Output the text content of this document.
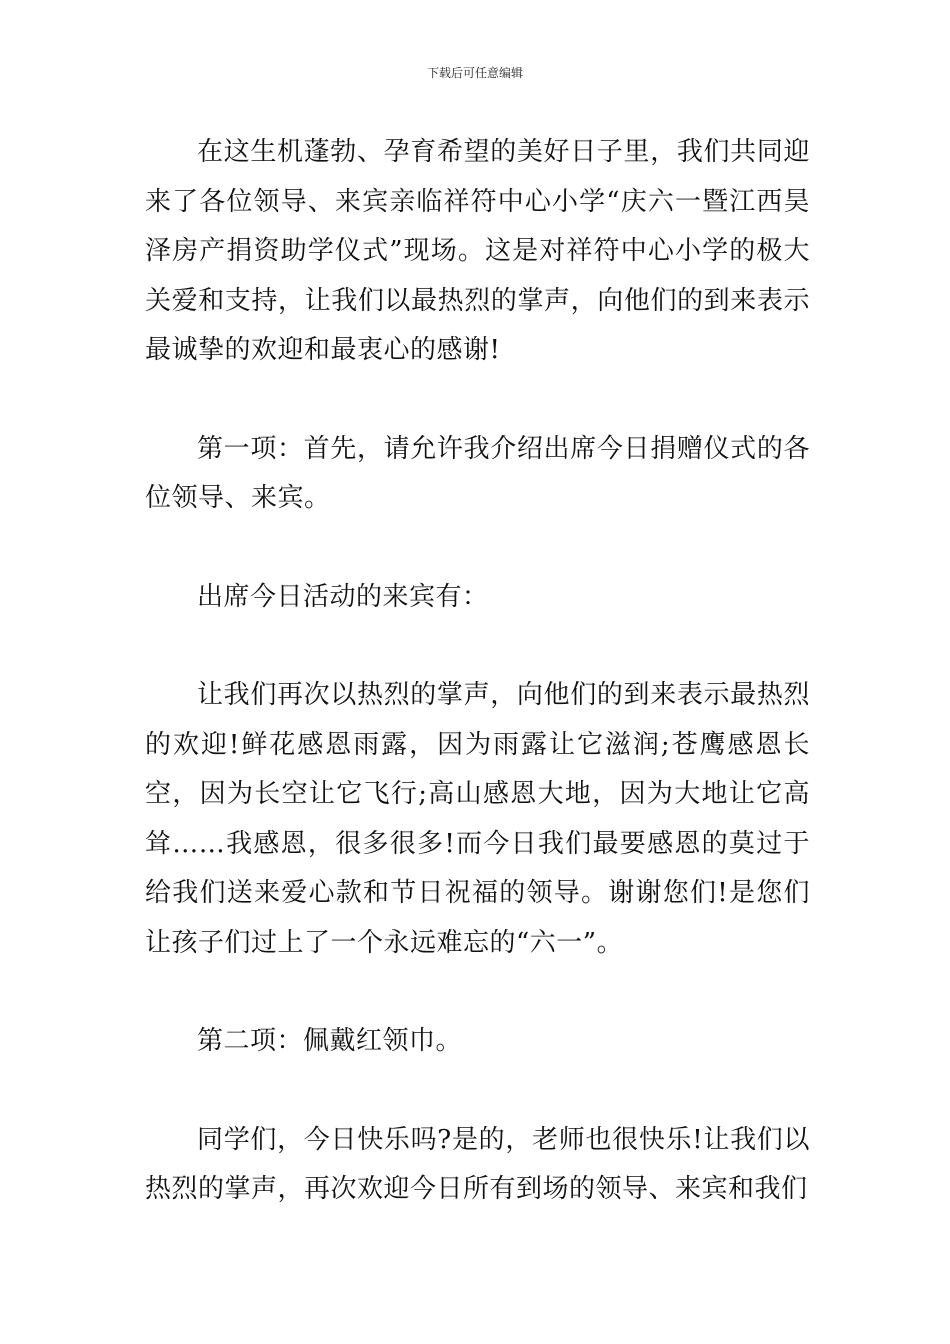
下载后可任意编辑

在这生机蓬勃、孕育希望的美好日子里，我们共同迎来了各位领导、来宾亲临祥符中心小学“庆六一暨江西昊泽房产捐资助学仪式”现场。这是对祥符中心小学的极大关爱和支持，让我们以最热烈的掌声，向他们的到来表示最诚挚的欢迎和最衷心的感谢!

第一项：首先，请允许我介绍出席今日捐赠仪式的各位领导、来宾。

出席今日活动的来宾有：

让我们再次以热烈的掌声，向他们的到来表示最热烈的欢迎!鲜花感恩雨露，因为雨露让它滋润;苍鹰感恩长空，因为长空让它飞行;高山感恩大地，因为大地让它高耸……我感恩，很多很多!而今日我们最要感恩的莫过于给我们送来爱心款和节日祝福的领导。谢谢您们!是您们让孩子们过上了一个永远难忘的“六一”。

第二项：佩戴红领巾。

同学们，今日快乐吗?是的，老师也很快乐!让我们以热烈的掌声，再次欢迎今日所有到场的领导、来宾和我们
